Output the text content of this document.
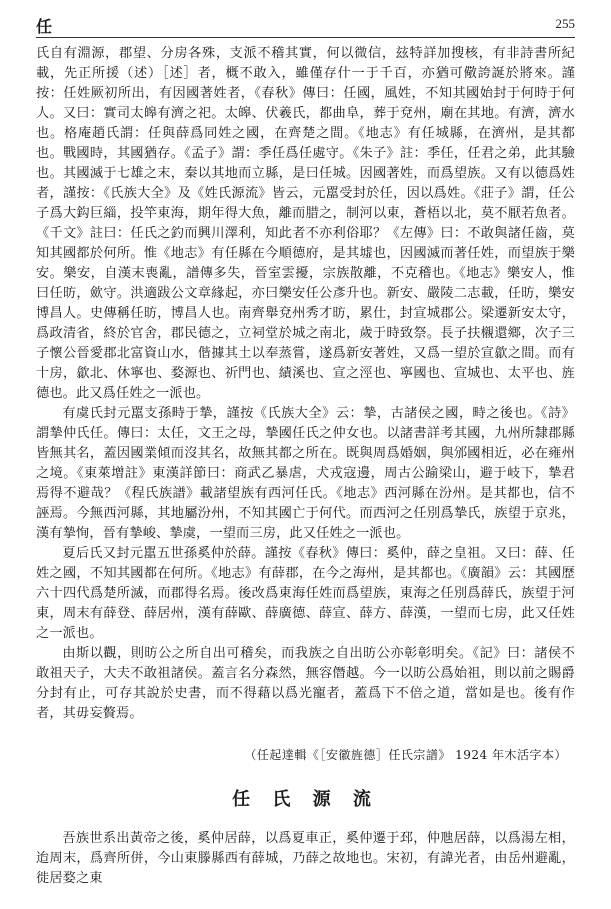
任	255

氏自有淵源，郡望、分房各殊，支派不稽其實，何以微信，玆特詳加搜核，有非詩書所紀載，先正所援（述）［述］者，概不敢入，雖僅存什一于千百，亦猶可儆誇誕於將來。謹按：任姓厥初所出，有因國著姓者，《春秋》傳曰：任國，風姓，不知其國始封于何時于何人。又曰：實司太皞有濟之祀。太皞、伏羲氏，都曲阜，葬于兗州，廟在其地。有濟，濟水也。格庵趙氏謂：任與薛爲同姓之國，在齊楚之間。《地志》有任城縣，在濟州，是其都也。戰國時，其國猶存。《孟子》謂：季任爲任處守。《朱子》註：季任，任君之弟，此其驗也。其國滅于七雄之末，秦以其地而立縣，是曰任城。因國著姓，而爲望族。又有以德爲姓者，謹按：《氏族大全》及《姓氏源流》皆云，元嚚受封於任，因以爲姓。《莊子》謂，任公子爲大鈎巨緇，投竿東海，期年得大魚，離而腊之，制河以東，蒼梧以北，莫不厭若魚者。《千文》註曰：任氏之釣而興川澤利，知此者不亦利俗耶？《左傳》曰：不敢與諸任齒，莫知其國都於何所。惟《地志》有任縣在今順德府，是其墟也，因國滅而著任姓，而望族于樂安。樂安，自漢末喪亂，譜傳多失，晉室雲擾，宗族散離，不克稽也。《地志》樂安人，惟曰任昉，歛守。洪適跋公文章緣起，亦曰樂安任公彥升也。新安、嚴陵二志載，任昉，樂安博昌人。史傳稱任昉，博昌人也。南齊舉兗州秀才昉，累仕，封宣城郡公。梁遷新安太守，爲政清省，終於官舍，郡民德之，立祠堂於城之南北，歲于時致祭。長子扶櫬還鄉，次子三子懷公晉愛郡北富資山水，偕據其土以奉蒸嘗，遂爲新安著姓，又爲一望於宣歙之間。而有十房，歙北、休寧也、婺源也、祈門也、績溪也、宣之涇也、寧國也、宣城也、太平也、旌德也。此又爲任姓之一派也。

有虞氏封元嚚支孫畤于摯，謹按《氏族大全》云：摯，古諸侯之國，畤之後也。《詩》謂摯仲氏任。傳曰：太任，文王之母，摯國任氏之仲女也。以諸書詳考其國，九州所隸郡縣皆無其名，蓋因國業傾而沒其名，故無其都之所在。既與周爲婚姻，與邠國相近，必在雍州之境。《東萊增註》東漢詳節曰：商武乙暴虐，犬戎寇邊，周古公踰梁山，避于岐下，摯君焉得不避哉？《程氏族譜》載諸望族有西河任氏。《地志》西河縣在汾州。是其都也，信不誣焉。今無西河縣，其地屬汾州，不知其國亡于何代。而西河之任別爲摯氏，族望于京兆，漢有摯恂，晉有摯峻、摯虞，一望而三房，此又任姓之一派也。

夏后氏又封元嚚五世孫奚仲於薛。謹按《春秋》傳曰：奚仲，薛之皇祖。又曰：薛、任姓之國，不知其國都在何所。《地志》有薛郡，在今之海州，是其都也。《廣韻》云：其國歷六十四代爲楚所滅，而郡得名焉。後改爲東海任姓而爲望族，東海之任別爲薛氏，族望于河東，周末有薛登、薛居州，漢有薛歐、薛廣德、薛宣、薛方、薛漢，一望而七房，此又任姓之一派也。

由斯以觀，則昉公之所自出可稽矣，而我族之自出昉公亦彰彰明矣。《記》曰：諸侯不敢祖天子，大夫不敢祖諸侯。蓋言名分森然，無容僭越。今一以昉公爲始祖，則以前之賜爵分封有止，可存其說於史書，而不得藉以爲光寵者，蓋爲下不倍之道，當如是也。後有作者，其毋妄贅焉。

（任起達輯《［安徽旌德］任氏宗譜》 1924 年木活字本）
任 氏 源 流

吾族世系出黃帝之後，奚仲居薛，以爲夏車正，奚仲遷于邳，仲虺居薛，以爲湯左相，迨周末，爲齊所併，今山東滕縣西有薛城，乃薛之故地也。宋初，有諱光者，由岳州避亂，徙居婺之東
